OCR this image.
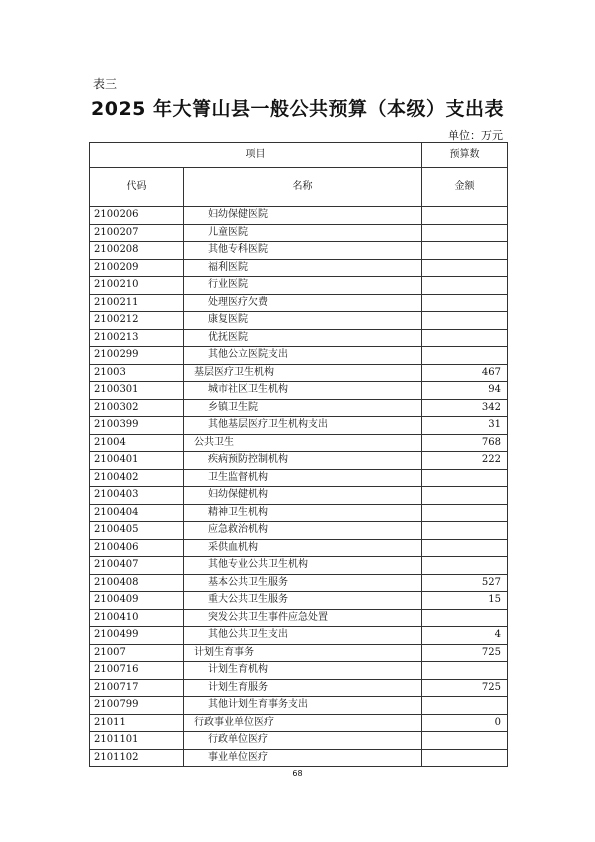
表三
2025 年大箐山县一般公共预算（本级）支出表
单位：万元
项目		预算数
代码	名称	金额
2100206	妇幼保健医院	
2100207	儿童医院	
2100208	其他专科医院	
2100209	福利医院	
2100210	行业医院	
2100211	处理医疗欠费	
2100212	康复医院	
2100213	优抚医院	
2100299	其他公立医院支出	
21003	基层医疗卫生机构	467
2100301	城市社区卫生机构	94
2100302	乡镇卫生院	342
2100399	其他基层医疗卫生机构支出	31
21004	公共卫生	768
2100401	疾病预防控制机构	222
2100402	卫生监督机构	
2100403	妇幼保健机构	
2100404	精神卫生机构	
2100405	应急救治机构	
2100406	采供血机构	
2100407	其他专业公共卫生机构	
2100408	基本公共卫生服务	527
2100409	重大公共卫生服务	15
2100410	突发公共卫生事件应急处置	
2100499	其他公共卫生支出	4
21007	计划生育事务	725
2100716	计划生育机构	
2100717	计划生育服务	725
2100799	其他计划生育事务支出	
21011	行政事业单位医疗	0
2101101	行政单位医疗	
2101102	事业单位医疗	
68
